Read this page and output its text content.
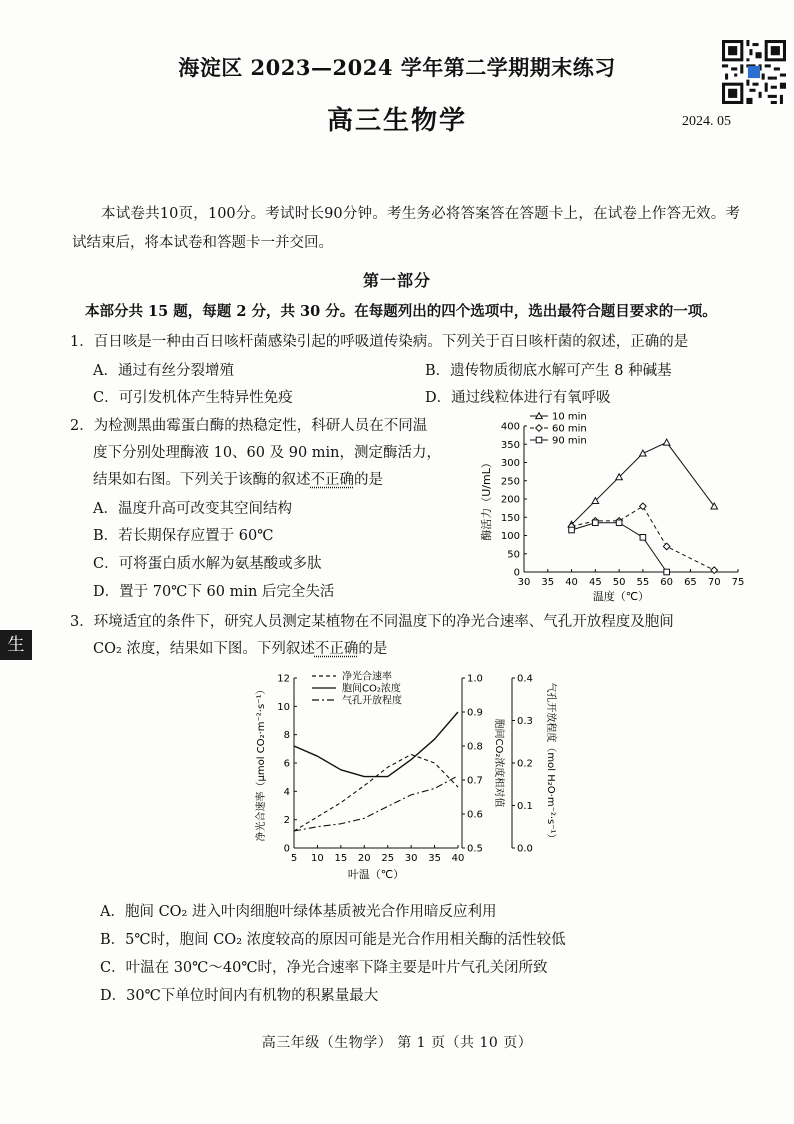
海淀区 2023—2024 学年第二学期期末练习
高三生物学	2024. 05
本试卷共10页，100分。考试时长90分钟。考生务必将答案答在答题卡上，在试卷上作答无效。考试结束后，将本试卷和答题卡一并交回。
第一部分
本部分共 15 题，每题 2 分，共 30 分。在每题列出的四个选项中，选出最符合题目要求的一项。
1．百日咳是一种由百日咳杆菌感染引起的呼吸道传染病。下列关于百日咳杆菌的叙述，正确的是
A．通过有丝分裂增殖	B．遗传物质彻底水解可产生 8 种碱基
C．可引发机体产生特异性免疫	D．通过线粒体进行有氧呼吸
2．为检测黑曲霉蛋白酶的热稳定性，科研人员在不同温
度下分别处理酶液 10、60 及 90 min，测定酶活力，
结果如右图。下列关于该酶的叙述不正确的是
A．温度升高可改变其空间结构
B．若长期保存应置于 60℃
C．可将蛋白质水解为氨基酸或多肽
D．置于 70℃下 60 min 后完全失活
30 35 40 45 50 55 60 65 70 75
0
50
100
150
200
250
300
350
400
温度（℃）
酶活力（U/mL）
10 min
60 min
90 min
生
3．环境适宜的条件下，研究人员测定某植物在不同温度下的净光合速率、气孔开放程度及胞间
CO₂ 浓度，结果如下图。下列叙述不正确的是
5 10 15 20 25 30 35 40
叶温（℃）
0
2
4
6
8
10
12
0.5
0.6
0.7
0.8
0.9
1.0
0.0
0.1
0.2
0.3
0.4
净光合速率（μmol CO₂·m⁻²·s⁻¹）	胞间CO₂浓度相对值	气孔开放程度（mol H₂O·m⁻²·s⁻¹）
净光合速率
胞间CO₂浓度
气孔开放程度
A．胞间 CO₂ 进入叶肉细胞叶绿体基质被光合作用暗反应利用
B．5℃时，胞间 CO₂ 浓度较高的原因可能是光合作用相关酶的活性较低
C．叶温在 30℃～40℃时，净光合速率下降主要是叶片气孔关闭所致
D．30℃下单位时间内有机物的积累量最大
高三年级（生物学） 第 1 页（共 10 页）
